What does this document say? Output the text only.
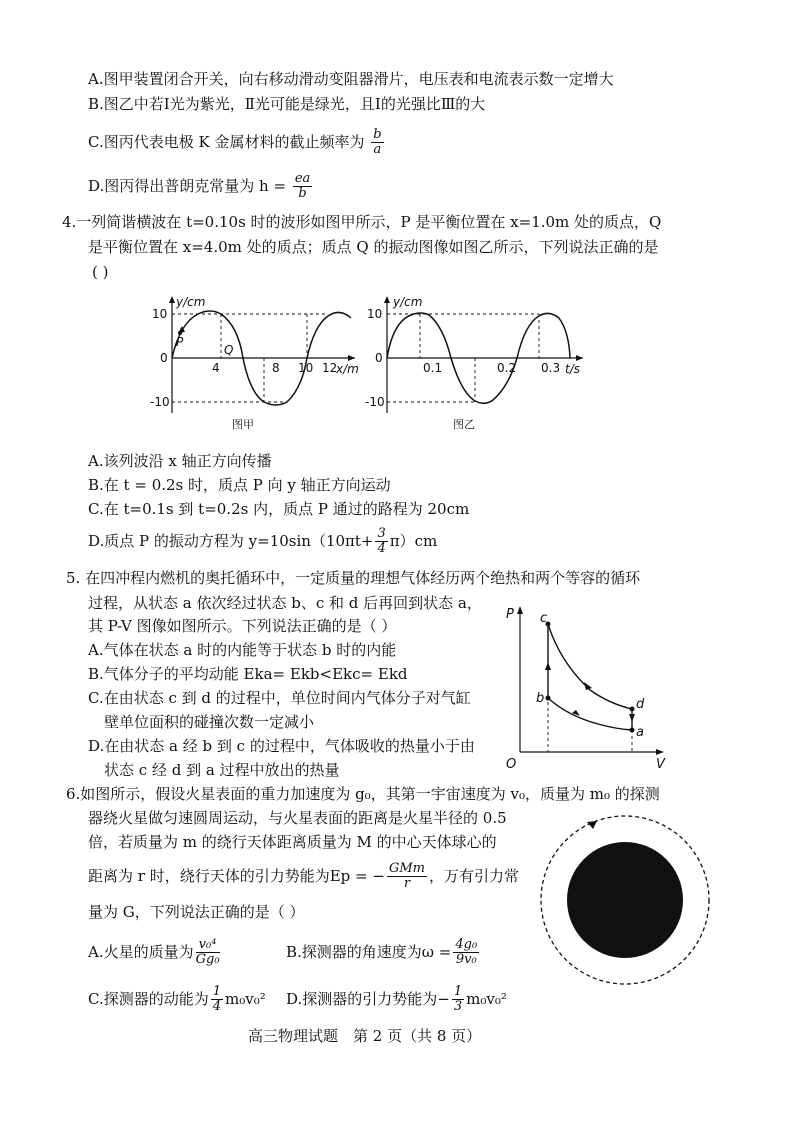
A.图甲装置闭合开关，向右移动滑动变阻器滑片，电压表和电流表示数一定增大
B.图乙中若Ⅰ光为紫光，Ⅱ光可能是绿光，且Ⅰ的光强比Ⅲ的大
C.图丙代表电极 K 金属材料的截止频率为 $\frac{b}{a}$
D.图丙得出普朗克常量为 $h = \frac{ea}{b}$
4.一列简谐横波在 t=0.10s 时的波形如图甲所示，P 是平衡位置在 x=1.0m 处的质点，Q
是平衡位置在 x=4.0m 处的质点；质点 Q 的振动图像如图乙所示，下列说法正确的是
( )
y/cm
x/m
10
0
-10
4	8 10 12
P
Q
图甲
y/cm
t/s
10
0
-10
0.1	0.2 0.3
图乙
A.该列波沿 x 轴正方向传播
B.在 t = 0.2s 时，质点 P 向 y 轴正方向运动
C.在 t=0.1s 到 t=0.2s 内，质点 P 通过的路程为 20cm
D.质点 P 的振动方程为 $y=10\sin(10\pi t+ \frac{3}{4} \pi)cm$
5. 在四冲程内燃机的奥托循环中，一定质量的理想气体经历两个绝热和两个等容的循环
过程，从状态 a 依次经过状态 b、c 和 d 后再回到状态 a，
其 P-V 图像如图所示。下列说法正确的是（ ）
A.气体在状态 a 时的内能等于状态 b 时的内能
B.气体分子的平均动能 Eka= Ekb<Ekc= Ekd
C.在由状态 c 到 d 的过程中，单位时间内气体分子对气缸
壁单位面积的碰撞次数一定减小
D.在由状态 a 经 b 到 c 的过程中，气体吸收的热量小于由
状态 c 经 d 到 a 过程中放出的热量
P
V
O
c
b	d
a
6.如图所示，假设火星表面的重力加速度为 g₀，其第一宇宙速度为 v₀，质量为 m₀ 的探测
器绕火星做匀速圆周运动，与火星表面的距离是火星半径的 0.5
倍，若质量为 m 的绕行天体距离质量为 M 的中心天体球心的
距离为 r 时，绕行天体的引力势能为Ep = − $\frac{\text{GMm}}{r}$ ，万有引力常
量为 G，下列说法正确的是（ ）
A.火星的质量为 $\frac{\text{v₀⁴}}{\text{Gg₀}}$	B.探测器的角速度为$\omega = \frac{\text{4g₀}}{\text{9v₀}}$
C.探测器的动能为 $\frac{1}{4} m_0v_0^2$ D.探测器的引力势能为− $\frac{1}{3} m_0v_0^2$
高三物理试题　第 2 页（共 8 页）
